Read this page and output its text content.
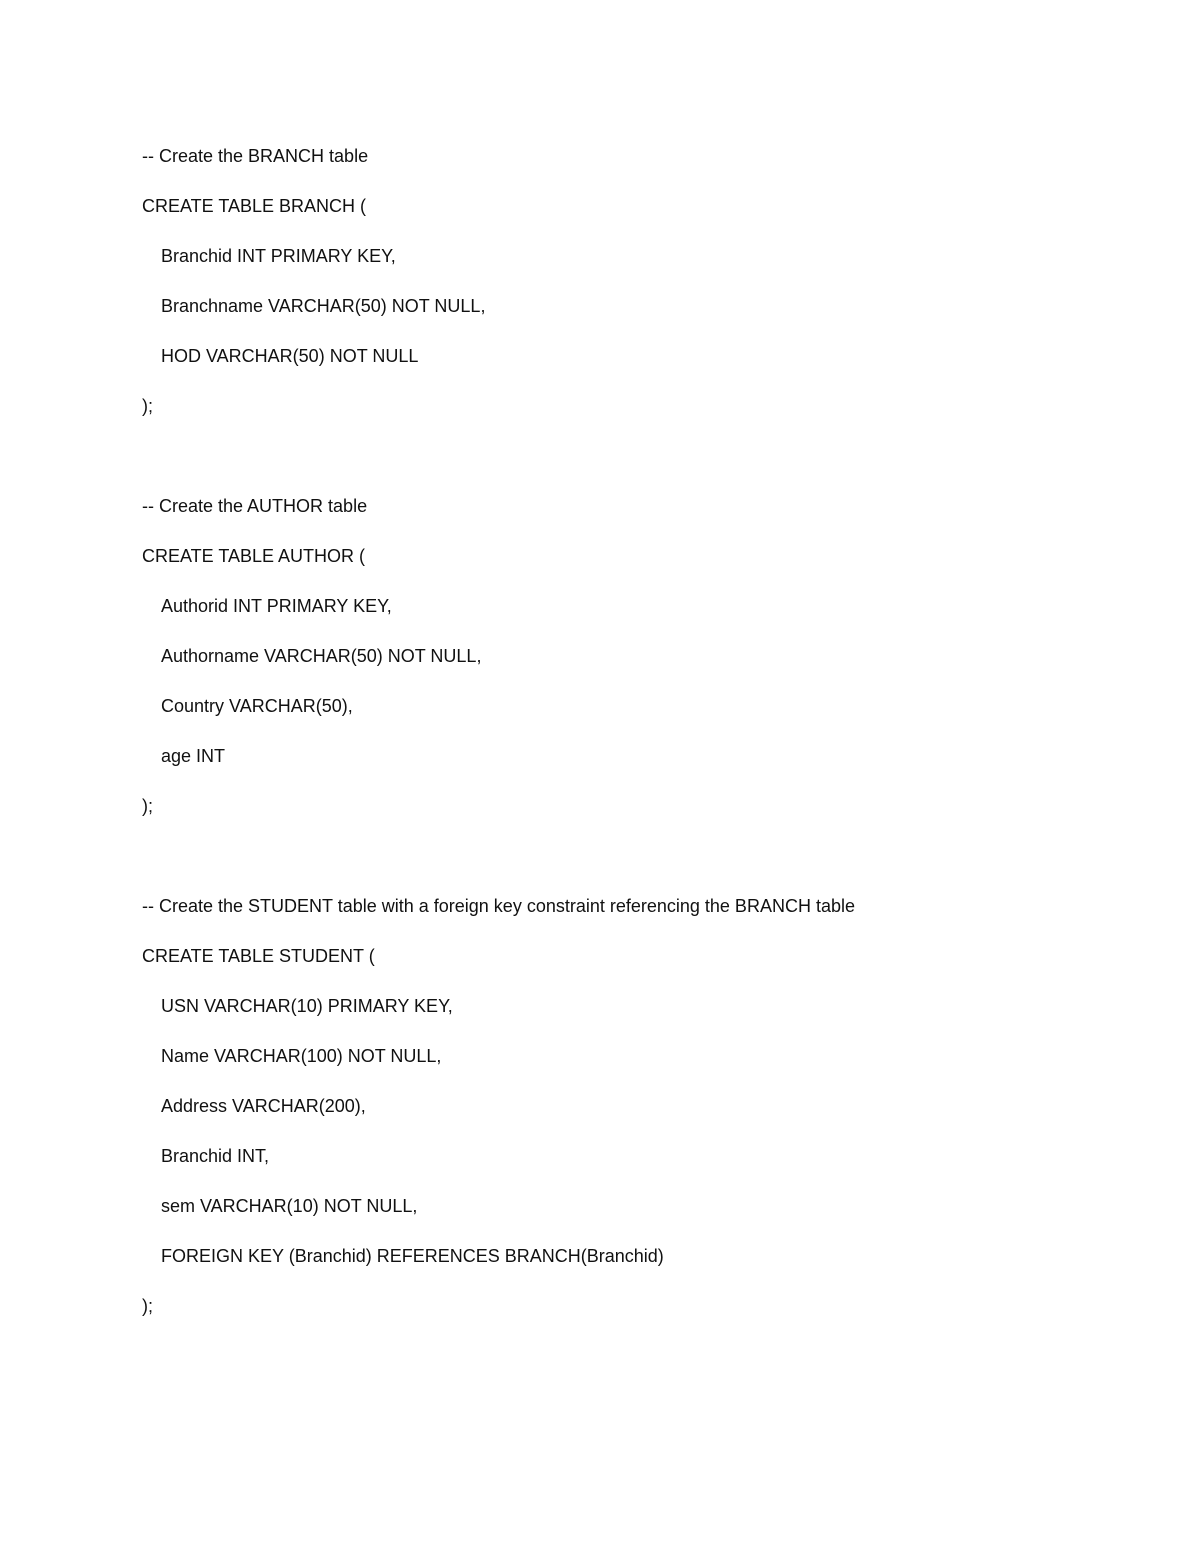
-- Create the BRANCH table
CREATE TABLE BRANCH (
Branchid INT PRIMARY KEY,
Branchname VARCHAR(50) NOT NULL,
HOD VARCHAR(50) NOT NULL
);
-- Create the AUTHOR table
CREATE TABLE AUTHOR (
Authorid INT PRIMARY KEY,
Authorname VARCHAR(50) NOT NULL,
Country VARCHAR(50),
age INT
);
-- Create the STUDENT table with a foreign key constraint referencing the BRANCH table
CREATE TABLE STUDENT (
USN VARCHAR(10) PRIMARY KEY,
Name VARCHAR(100) NOT NULL,
Address VARCHAR(200),
Branchid INT,
sem VARCHAR(10) NOT NULL,
FOREIGN KEY (Branchid) REFERENCES BRANCH(Branchid)
);
